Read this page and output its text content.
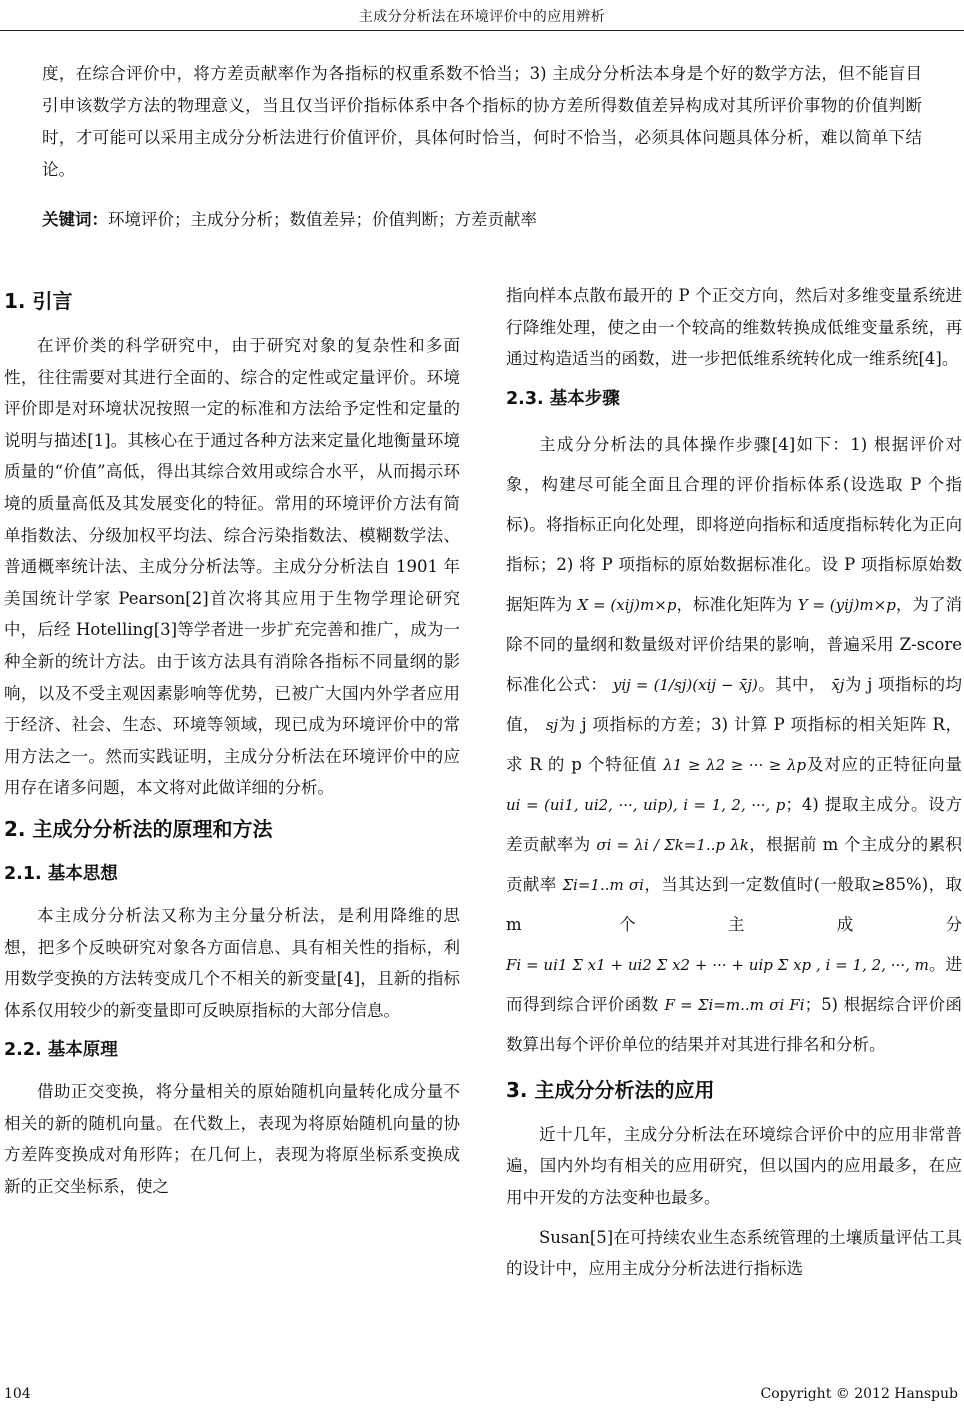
主成分分析法在环境评价中的应用辨析
度，在综合评价中，将方差贡献率作为各指标的权重系数不恰当；3) 主成分分析法本身是个好的数学方法，但不能盲目引申该数学方法的物理意义，当且仅当评价指标体系中各个指标的协方差所得数值差异构成对其所评价事物的价值判断时，才可能可以采用主成分分析法进行价值评价，具体何时恰当，何时不恰当，必须具体问题具体分析，难以简单下结论。
关键词：环境评价；主成分分析；数值差异；价值判断；方差贡献率
1. 引言
在评价类的科学研究中，由于研究对象的复杂性和多面性，往往需要对其进行全面的、综合的定性或定量评价。环境评价即是对环境状况按照一定的标准和方法给予定性和定量的说明与描述[1]。其核心在于通过各种方法来定量化地衡量环境质量的“价值”高低，得出其综合效用或综合水平，从而揭示环境的质量高低及其发展变化的特征。常用的环境评价方法有简单指数法、分级加权平均法、综合污染指数法、模糊数学法、普通概率统计法、主成分分析法等。主成分分析法自 1901 年美国统计学家 Pearson[2]首次将其应用于生物学理论研究中，后经 Hotelling[3]等学者进一步扩充完善和推广，成为一种全新的统计方法。由于该方法具有消除各指标不同量纲的影响，以及不受主观因素影响等优势，已被广大国内外学者应用于经济、社会、生态、环境等领域，现已成为环境评价中的常用方法之一。然而实践证明，主成分分析法在环境评价中的应用存在诸多问题，本文将对此做详细的分析。
2. 主成分分析法的原理和方法
2.1. 基本思想
本主成分分析法又称为主分量分析法，是利用降维的思想，把多个反映研究对象各方面信息、具有相关性的指标，利用数学变换的方法转变成几个不相关的新变量[4]，且新的指标体系仅用较少的新变量即可反映原指标的大部分信息。
2.2. 基本原理
借助正交变换，将分量相关的原始随机向量转化成分量不相关的新的随机向量。在代数上，表现为将原始随机向量的协方差阵变换成对角形阵；在几何上，表现为将原坐标系变换成新的正交坐标系，使之
指向样本点散布最开的 P 个正交方向，然后对多维变量系统进行降维处理，使之由一个较高的维数转换成低维变量系统，再通过构造适当的函数，进一步把低维系统转化成一维系统[4]。
2.3. 基本步骤
主成分分析法的具体操作步骤[4]如下：1) 根据评价对象，构建尽可能全面且合理的评价指标体系(设选取 P 个指标)。将指标正向化处理，即将逆向指标和适度指标转化为正向指标；2) 将 P 项指标的原始数据标准化。设 P 项指标原始数据矩阵为 X = (xij)m×p，标准化矩阵为 Y = (yij)m×p，为了消除不同的量纲和数量级对评价结果的影响，普遍采用 Z-score 标准化公式： yij = (1/sj)(xij − x̄j)。其中， x̄j为 j 项指标的均值， sj为 j 项指标的方差；3) 计算 P 项指标的相关矩阵 R，求 R 的 p 个特征值 λ1 ≥ λ2 ≥ ··· ≥ λp及对应的正特征向量 ui = (ui1, ui2, ···, uip), i = 1, 2, ···, p；4) 提取主成分。设方差贡献率为 σi = λi / Σk=1..p λk，根据前 m 个主成分的累积贡献率 Σi=1..m σi，当其达到一定数值时(一般取≥85%)，取 m 个主成分 Fi = ui1 Σ x1 + ui2 Σ x2 + ··· + uip Σ xp , i = 1, 2, ···, m。进而得到综合评价函数 F = Σi=m..m σi Fi；5) 根据综合评价函数算出每个评价单位的结果并对其进行排名和分析。
3. 主成分分析法的应用
近十几年，主成分分析法在环境综合评价中的应用非常普遍，国内外均有相关的应用研究，但以国内的应用最多，在应用中开发的方法变种也最多。
Susan[5]在可持续农业生态系统管理的土壤质量评估工具的设计中，应用主成分分析法进行指标选
104	Copyright © 2012 Hanspub
